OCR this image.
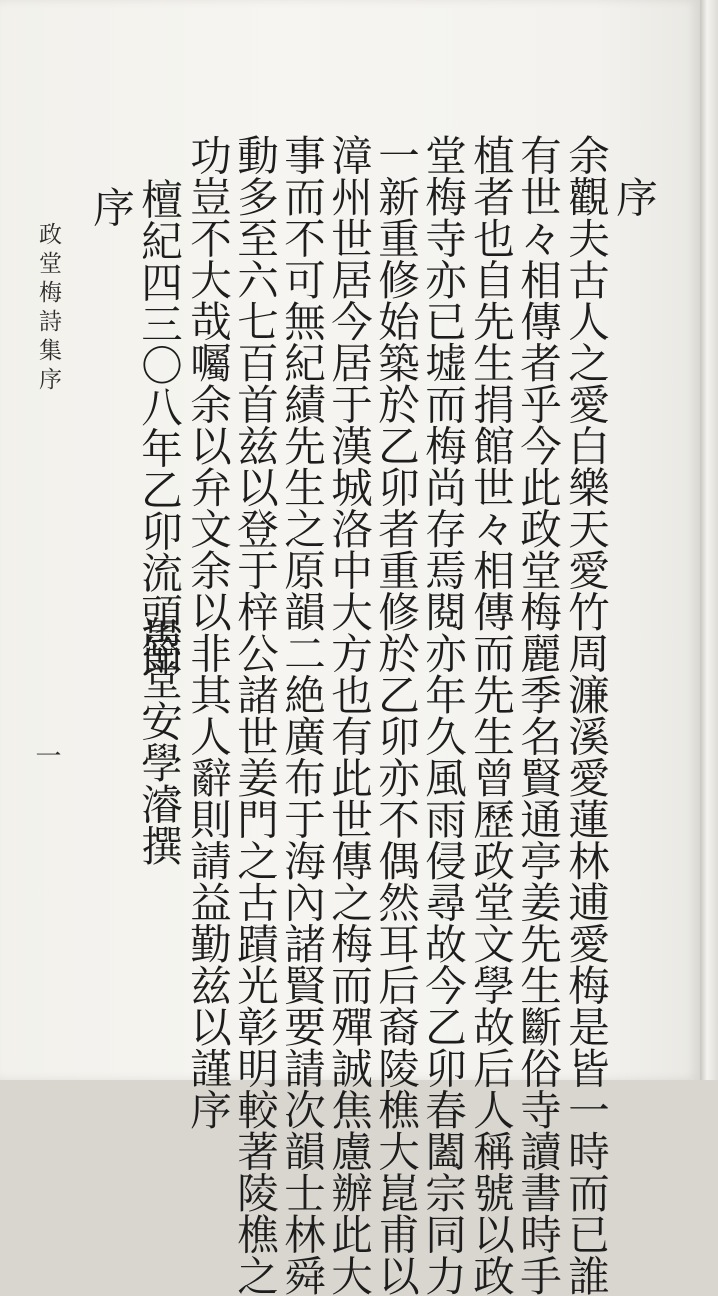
序
余觀夫古人之愛白樂天愛竹周濂溪愛蓮林逋愛梅是皆一時而已誰
有世々相傳者乎今此政堂梅麗季名賢通亭姜先生斷俗寺讀書時手
植者也自先生捐館世々相傳而先生曾歷政堂文學故后人稱號以政
堂梅寺亦已墟而梅尚存焉閱亦年久風雨侵尋故今乙卯春闔宗同力
一新重修始築於乙卯者重修於乙卯亦不偶然耳后裔陵樵大崑甫以
漳州世居今居于漢城洛中大方也有此世傳之梅而殫誠焦慮辦此大
事而不可無紀績先生之原韻二絶廣布于海內諸賢要請次韻士林舜
動多至六七百首兹以登于梓公諸世姜門之古蹟光彰明較著陵樵之
功豈不大哉囑余以弁文余以非其人辭則請益勤兹以謹序
愚堂安學濬撰
檀紀四三〇八年乙卯流頭節
序
政堂梅詩集序
一
